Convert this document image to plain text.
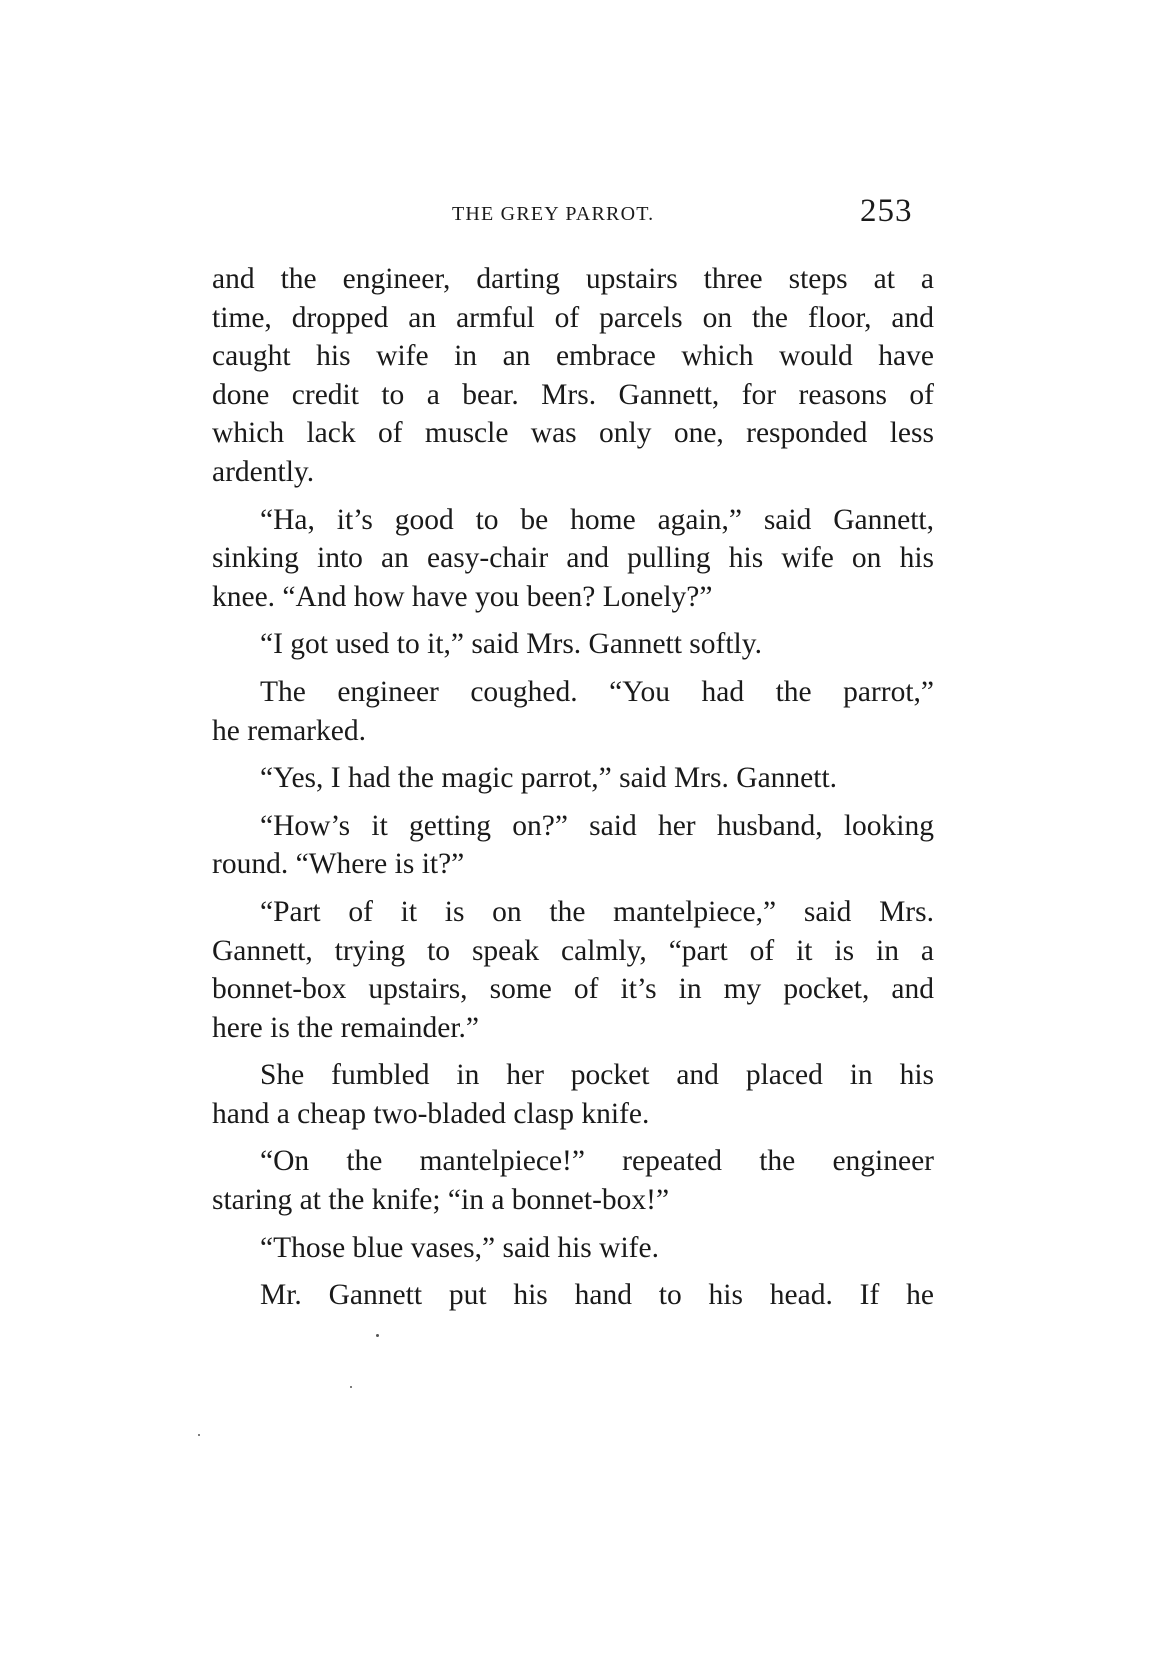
THE GREY PARROT.	253

and the engineer, darting upstairs three steps at a
time, dropped an armful of parcels on the floor, and
caught his wife in an embrace which would have
done credit to a bear. Mrs. Gannett, for reasons of
which lack of muscle was only one, responded less
ardently.

“Ha, it’s good to be home again,” said Gannett,
sinking into an easy-chair and pulling his wife on his
knee. “And how have you been? Lonely?”

“I got used to it,” said Mrs. Gannett softly.

The engineer coughed. “You had the parrot,”
he remarked.

“Yes, I had the magic parrot,” said Mrs. Gannett.

“How’s it getting on?” said her husband, looking
round. “Where is it?”

“Part of it is on the mantelpiece,” said Mrs.
Gannett, trying to speak calmly, “part of it is in a
bonnet-box upstairs, some of it’s in my pocket, and
here is the remainder.”

She fumbled in her pocket and placed in his
hand a cheap two-bladed clasp knife.

“On the mantelpiece!” repeated the engineer
staring at the knife; “in a bonnet-box!”

“Those blue vases,” said his wife.

Mr. Gannett put his hand to his head. If he
